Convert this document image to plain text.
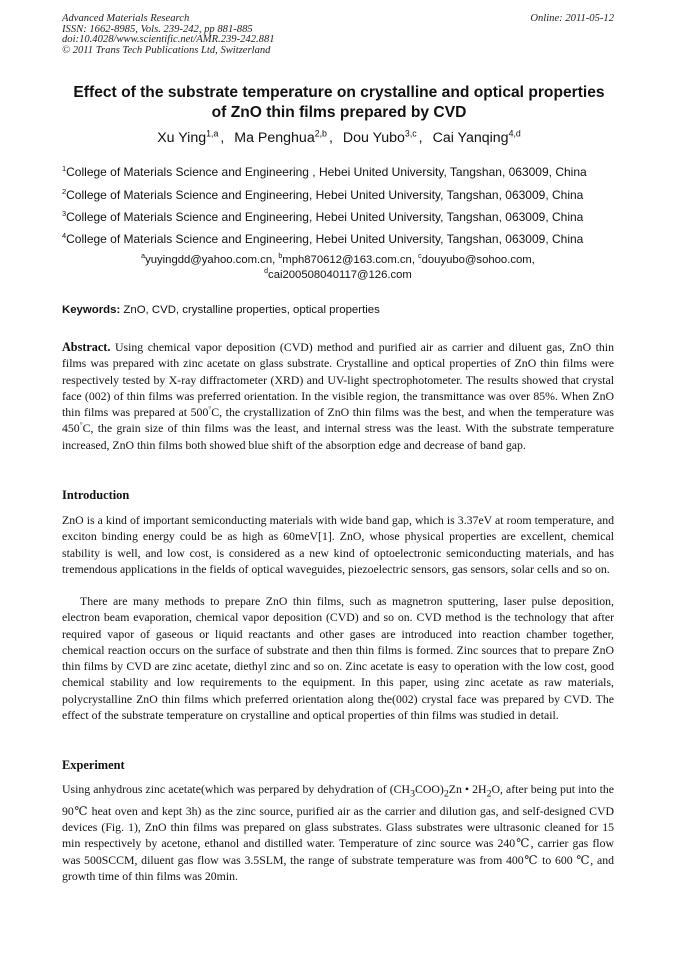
Advanced Materials Research
ISSN: 1662-8985, Vols. 239-242, pp 881-885
doi:10.4028/www.scientific.net/AMR.239-242.881
© 2011 Trans Tech Publications Ltd, Switzerland
Online: 2011-05-12
Effect of the substrate temperature on crystalline and optical properties
of ZnO thin films prepared by CVD
Xu Ying$^{1,a}$ , Ma Penghua$^{2,b}$ , Dou Yubo$^{3,c}$ , Cai Yanqing$^{4,d}$
$^1$College of Materials Science and Engineering , Hebei United University, Tangshan, 063009, China
$^2$College of Materials Science and Engineering, Hebei United University, Tangshan, 063009, China
$^3$College of Materials Science and Engineering, Hebei United University, Tangshan, 063009, China
$^4$College of Materials Science and Engineering, Hebei United University, Tangshan, 063009, China
$^a$yuyingdd@yahoo.com.cn, $^b$mph870612@163.com.cn, $^c$douyubo@sohoo.com,
$^d$cai200508040117@126.com
Keywords: ZnO, CVD, crystalline properties, optical properties
Abstract. Using chemical vapor deposition (CVD) method and purified air as carrier and diluent gas, ZnO thin films was prepared with zinc acetate on glass substrate. Crystalline and optical properties of ZnO thin films were respectively tested by X-ray diffractometer (XRD) and UV-light spectrophotometer. The results showed that crystal face (002) of thin films was preferred orientation. In the visible region, the transmittance was over 85%. When ZnO thin films was prepared at 500°C, the crystallization of ZnO thin films was the best, and when the temperature was 450°C, the grain size of thin films was the least, and internal stress was the least. With the substrate temperature increased, ZnO thin films both showed blue shift of the absorption edge and decrease of band gap.
Introduction
ZnO is a kind of important semiconducting materials with wide band gap, which is 3.37eV at room temperature, and exciton binding energy could be as high as 60meV[1]. ZnO, whose physical properties are excellent, chemical stability is well, and low cost, is considered as a new kind of optoelectronic semiconducting materials, and has tremendous applications in the fields of optical waveguides, piezoelectric sensors, gas sensors, solar cells and so on.
There are many methods to prepare ZnO thin films, such as magnetron sputtering, laser pulse deposition, electron beam evaporation, chemical vapor deposition (CVD) and so on. CVD method is the technology that after required vapor of gaseous or liquid reactants and other gases are introduced into reaction chamber together, chemical reaction occurs on the surface of substrate and then thin films is formed. Zinc sources that to prepare ZnO thin films by CVD are zinc acetate, diethyl zinc and so on. Zinc acetate is easy to operation with the low cost, good chemical stability and low requirements to the equipment. In this paper, using zinc acetate as raw materials, polycrystalline ZnO thin films which preferred orientation along the(002) crystal face was prepared by CVD. The effect of the substrate temperature on crystalline and optical properties of thin films was studied in detail.
Experiment
Using anhydrous zinc acetate(which was perpared by dehydration of $(CH_3COO)_2Zn$ • $2H_2O$, after being put into the 90℃ heat oven and kept 3h) as the zinc source, purified air as the carrier and dilution gas, and self-designed CVD devices (Fig. 1), ZnO thin films was prepared on glass substrates. Glass substrates were ultrasonic cleaned for 15 min respectively by acetone, ethanol and distilled water. Temperature of zinc source was 240℃, carrier gas flow was 500SCCM, diluent gas flow was 3.5SLM, the range of substrate temperature was from 400℃ to 600 ℃, and growth time of thin films was 20min.
